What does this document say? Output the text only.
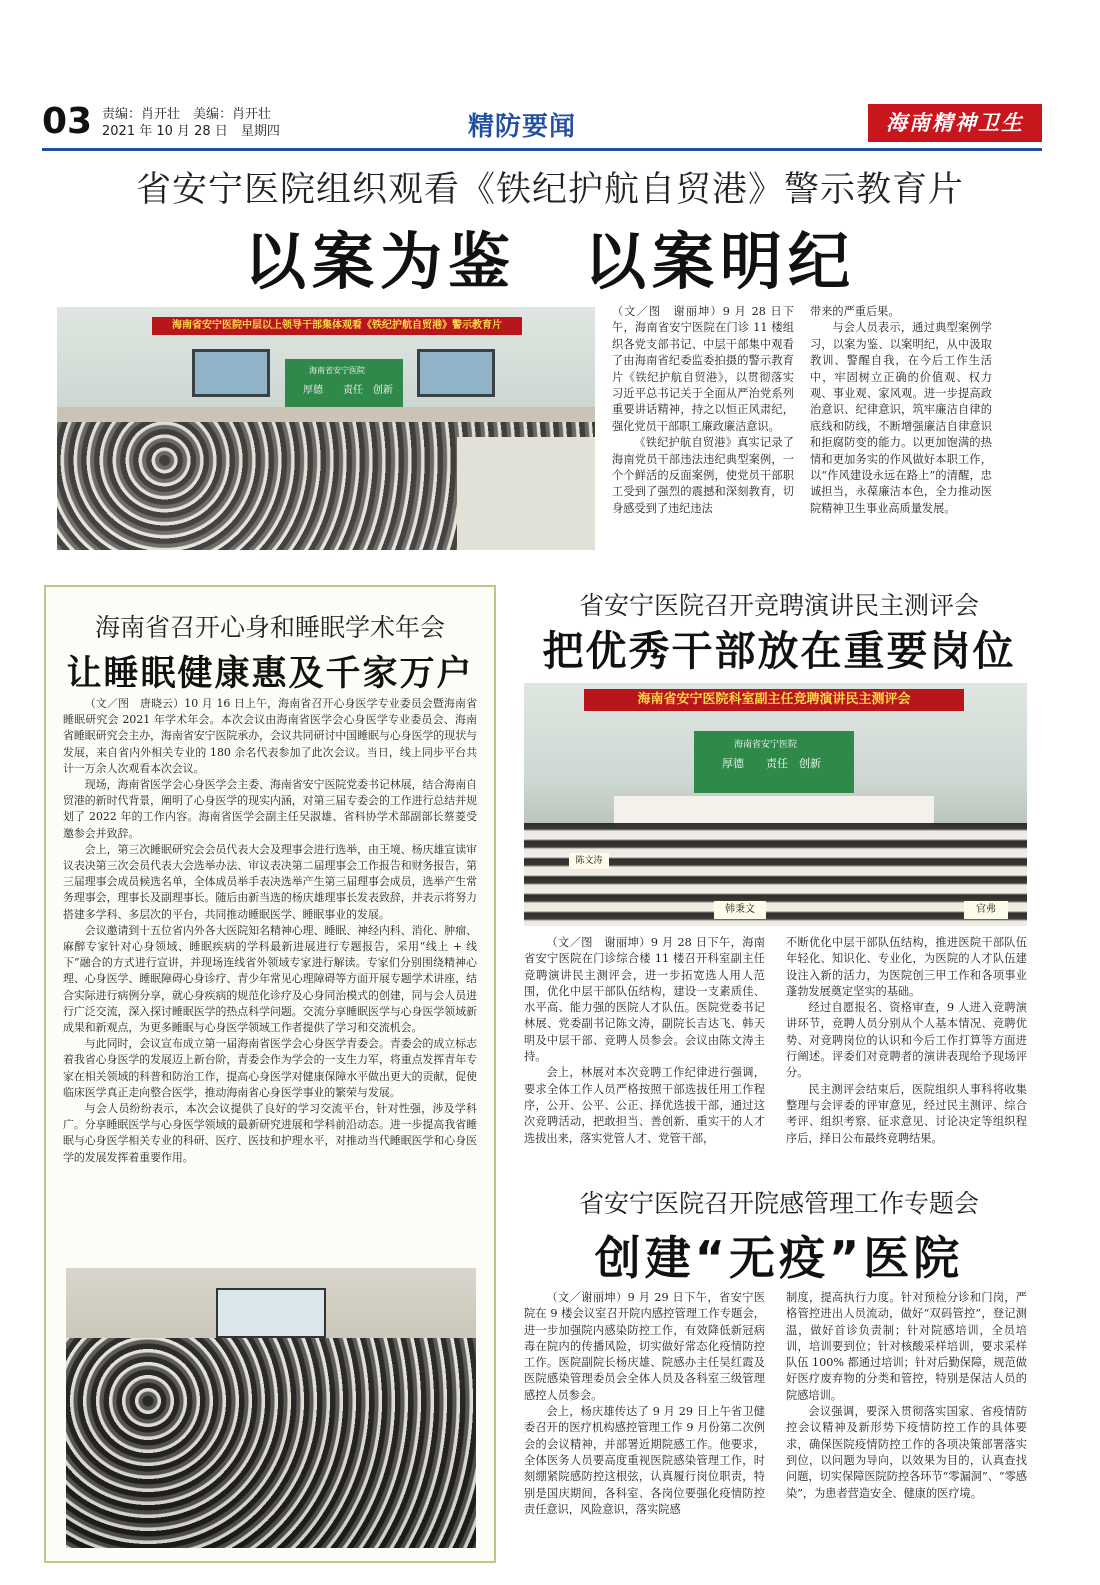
03 责编：肖开壮　美编：肖开壮
2021 年 10 月 28 日　星期四	精防要闻	海南精神卫生
省安宁医院组织观看《铁纪护航自贸港》警示教育片
以案为鉴　以案明纪
海南省安宁医院中层以上领导干部集体观看《铁纪护航自贸港》警示教育片
海南省安宁医院
厚德　　责任　创新

（文／图　谢丽坤）9 月 28 日下午，海南省安宁医院在门诊 11 楼组织各党支部书记、中层干部集中观看了由海南省纪委监委拍摄的警示教育片《铁纪护航自贸港》，以贯彻落实习近平总书记关于全面从严治党系列重要讲话精神，持之以恒正风肃纪，强化党员干部职工廉政廉洁意识。

《铁纪护航自贸港》真实记录了海南党员干部违法违纪典型案例，一个个鲜活的反面案例，使党员干部职工受到了强烈的震撼和深刻教育，切身感受到了违纪违法

带来的严重后果。

与会人员表示，通过典型案例学习，以案为鉴、以案明纪，从中汲取教训、警醒自我，在今后工作生活中，牢固树立正确的价值观、权力观、事业观、家风观。进一步提高政治意识、纪律意识，筑牢廉洁自律的底线和防线，不断增强廉洁自律意识和拒腐防变的能力。以更加饱满的热情和更加务实的作风做好本职工作，以“作风建设永远在路上”的清醒，忠诚担当，永葆廉洁本色，全力推动医院精神卫生事业高质量发展。

海南省召开心身和睡眠学术年会
让睡眠健康惠及千家万户

（文／图　唐晓云）10 月 16 日上午，海南省召开心身医学专业委员会暨海南省睡眠研究会 2021 年学术年会。本次会议由海南省医学会心身医学专业委员会、海南省睡眠研究会主办，海南省安宁医院承办，会议共同研讨中国睡眠与心身医学的现状与发展，来自省内外相关专业的 180 余名代表参加了此次会议。当日，线上同步平台共计一万余人次观看本次会议。

现场，海南省医学会心身医学会主委、海南省安宁医院党委书记林展，结合海南自贸港的新时代背景，阐明了心身医学的现实内涵，对第三届专委会的工作进行总结并规划了 2022 年的工作内容。海南省医学会副主任吴淑雄、省科协学术部副部长蔡菱受邀参会并致辞。

会上，第三次睡眠研究会会员代表大会及理事会进行选举，由王境、杨庆雄宣读审议表决第三次会员代表大会选举办法、审议表决第二届理事会工作报告和财务报告，第三届理事会成员候选名单，全体成员举手表决选举产生第三届理事会成员，选举产生常务理事会，理事长及副理事长。随后由新当选的杨庆雄理事长发表致辞，并表示将努力搭建多学科、多层次的平台，共同推动睡眠医学、睡眠事业的发展。

会议邀请到十五位省内外各大医院知名精神心理、睡眠、神经内科、消化、肿瘤、麻醉专家针对心身领域、睡眠疾病的学科最新进展进行专题报告，采用“线上 + 线下”融合的方式进行宣讲，并现场连线省外领域专家进行解读。专家们分别围绕精神心理、心身医学、睡眠障碍心身诊疗、青少年常见心理障碍等方面开展专题学术讲座，结合实际进行病例分享，就心身疾病的规范化诊疗及心身同治模式的创建，同与会人员进行广泛交流，深入探讨睡眠医学的热点科学问题。交流分享睡眠医学与心身医学领域新成果和新观点，为更多睡眠与心身医学领域工作者提供了学习和交流机会。

与此同时，会议宣布成立第一届海南省医学会心身医学青委会。青委会的成立标志着我省心身医学的发展迈上新台阶，青委会作为学会的一支生力军，将重点发挥青年专家在相关领域的科普和防治工作，提高心身医学对健康保障水平做出更大的贡献，促使临床医学真正走向整合医学，推动海南省心身医学事业的繁荣与发展。

与会人员纷纷表示，本次会议提供了良好的学习交流平台，针对性强，涉及学科广。分享睡眠医学与心身医学领域的最新研究进展和学科前沿动态。进一步提高我省睡眠与心身医学相关专业的科研、医疗、医技和护理水平，对推动当代睡眠医学和心身医学的发展发挥着重要作用。

省安宁医院召开竞聘演讲民主测评会
把优秀干部放在重要岗位
海南省安宁医院科室副主任竞聘演讲民主测评会
海南省安宁医院
厚德　　责任　创新
陈文涛
韩秉文	官弗

（文／图　谢丽坤）9 月 28 日下午，海南省安宁医院在门诊综合楼 11 楼召开科室副主任竞聘演讲民主测评会，进一步拓宽选人用人范围，优化中层干部队伍结构，建设一支素质佳、水平高、能力强的医院人才队伍。医院党委书记林展、党委副书记陈文涛，副院长吉达飞、韩天明及中层干部、竞聘人员参会。会议由陈文涛主持。

会上，林展对本次竞聘工作纪律进行强调，要求全体工作人员严格按照干部选拔任用工作程序，公开、公平、公正、择优选拔干部，通过这次竞聘活动，把敢担当、善创新、重实干的人才选拔出来，落实党管人才、党管干部，

不断优化中层干部队伍结构，推进医院干部队伍年轻化、知识化、专业化，为医院的人才队伍建设注入新的活力，为医院创三甲工作和各项事业蓬勃发展奠定坚实的基础。

经过自愿报名、资格审查，9 人进入竞聘演讲环节，竞聘人员分别从个人基本情况、竞聘优势、对竞聘岗位的认识和今后工作打算等方面进行阐述。评委们对竞聘者的演讲表现给予现场评分。

民主测评会结束后，医院组织人事科将收集整理与会评委的评审意见，经过民主测评、综合考评、组织考察、征求意见、讨论决定等组织程序后，择日公布最终竞聘结果。

省安宁医院召开院感管理工作专题会
创建“无疫”医院

（文／谢丽坤）9 月 29 日下午，省安宁医院在 9 楼会议室召开院内感控管理工作专题会，进一步加强院内感染防控工作，有效降低新冠病毒在院内的传播风险，切实做好常态化疫情防控工作。医院副院长杨庆雄、院感办主任吴红霞及医院感染管理委员会全体人员及各科室三级管理感控人员参会。

会上，杨庆雄传达了 9 月 29 日上午省卫健委召开的医疗机构感控管理工作 9 月份第二次例会的会议精神，并部署近期院感工作。他要求，全体医务人员要高度重视医院感染管理工作，时刻绷紧院感防控这根弦，认真履行岗位职责，特别是国庆期间，各科室、各岗位要强化疫情防控责任意识，风险意识，落实院感

制度，提高执行力度。针对预检分诊和门岗，严格管控进出人员流动，做好“双码管控”，登记测温，做好首诊负责制；针对院感培训，全员培训，培训要到位；针对核酸采样培训，要求采样队伍 100% 都通过培训；针对后勤保障，规范做好医疗废弃物的分类和管控，特别是保洁人员的院感培训。

会议强调，要深入贯彻落实国家、省疫情防控会议精神及新形势下疫情防控工作的具体要求，确保医院疫情防控工作的各项决策部署落实到位，以问题为导向，以效果为目的，认真查找问题，切实保障医院防控各环节“零漏洞”、“零感染”，为患者营造安全、健康的医疗境。
